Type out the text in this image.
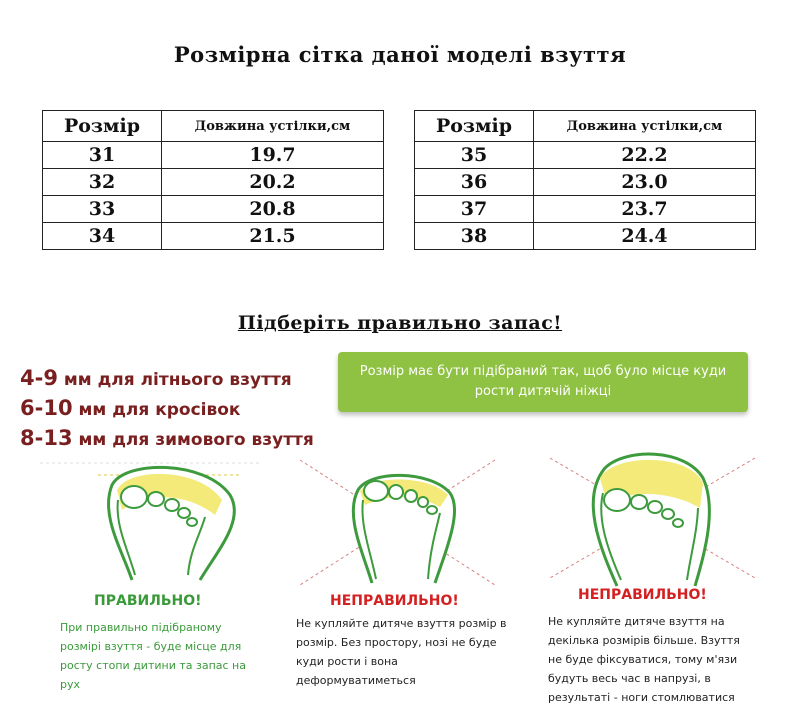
Розмірна сітка даної моделі взуття
Розмір	Довжина устілки,см
31	19.7
32	20.2
33	20.8
34	21.5
Розмір	Довжина устілки,см
35	22.2
36	23.0
37	23.7
38	24.4
Підберіть правильно запас!
4-9 мм для літнього взуття
6-10 мм для кросівок
8-13 мм для зимового взуття
Розмір має бути підібраний так, щоб було місце куди рости дитячій ніжці
ПРАВИЛЬНО!	НЕПРАВИЛЬНО!	НЕПРАВИЛЬНО!
При правильно підібраному розмірі взуття - буде місце для росту стопи дитини та запас на рух
Не купляйте дитяче взуття розмір в розмір. Без простору, нозі не буде куди рости і вона деформуватиметься
Не купляйте дитяче взуття на декілька розмірів більше. Взуття не буде фіксуватися, тому м'язи будуть весь час в напрузі, в результаті - ноги стомлюватися
